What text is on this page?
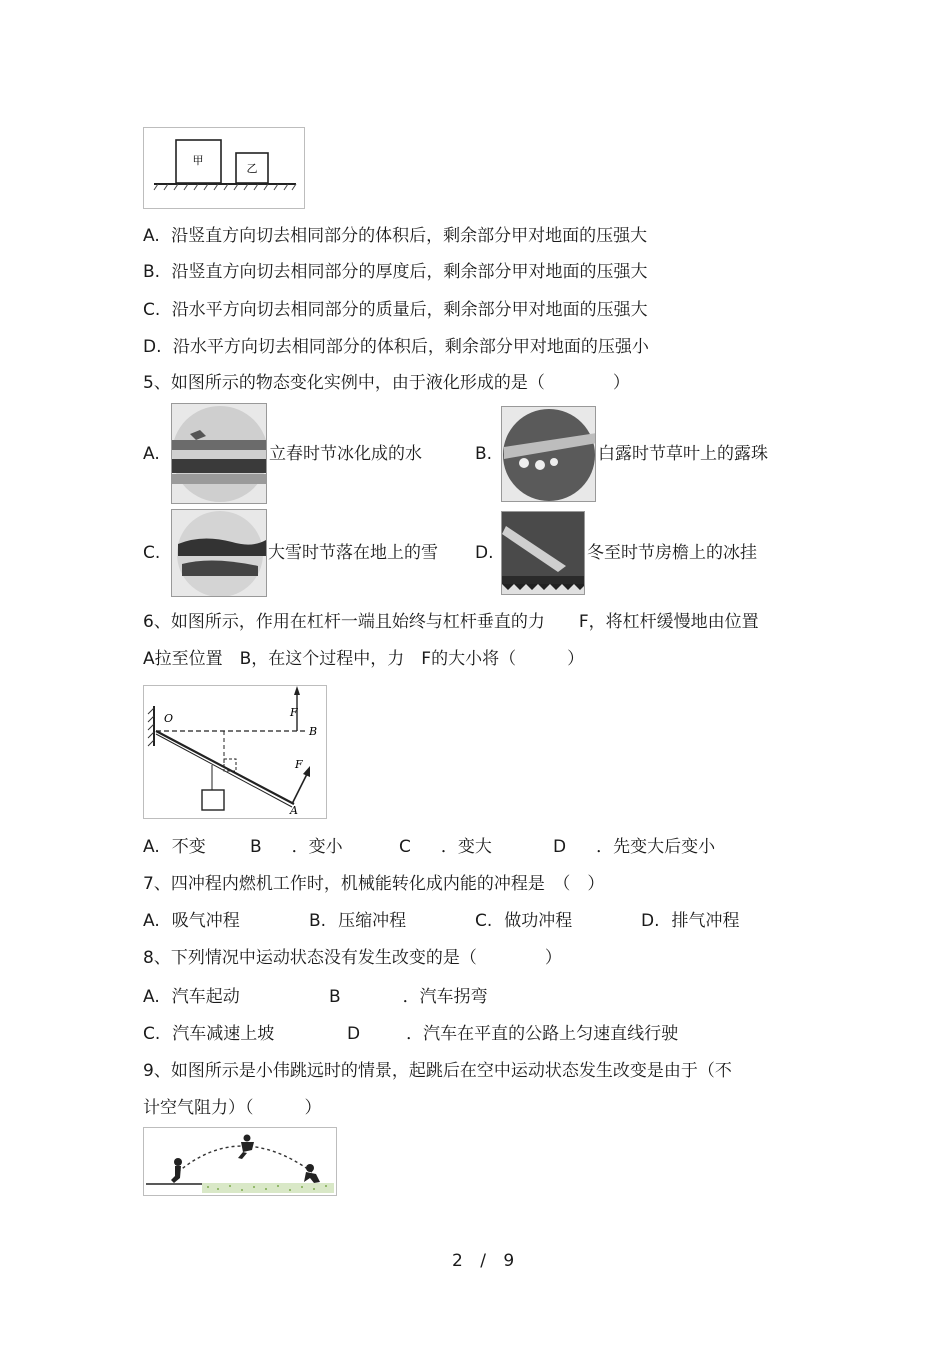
甲
乙
A. 沿竖直方向切去相同部分的体积后，剩余部分甲对地面的压强大
B. 沿竖直方向切去相同部分的厚度后，剩余部分甲对地面的压强大
C. 沿水平方向切去相同部分的质量后，剩余部分甲对地面的压强大
D. 沿水平方向切去相同部分的体积后，剩余部分甲对地面的压强小
5、如图所示的物态变化实例中，由于液化形成的是（　　　　）
A.	立春时节冰化成的水	B.	白露时节草叶上的露珠
C.	大雪时节落在地上的雪 D.	冬至时节房檐上的冰挂
6、如图所示，作用在杠杆一端且始终与杠杆垂直的力　　F，将杠杆缓慢地由位置
A拉至位置　B，在这个过程中，力　F的大小将（　　　）
O
B
F
F
A
A. 不变	B ．变小	C ．变大	D ．先变大后变小
7、四冲程内燃机工作时，机械能转化成内能的冲程是　（　）
A. 吸气冲程	B. 压缩冲程	C. 做功冲程	D. 排气冲程
8、下列情况中运动状态没有发生改变的是（　　　　）
A. 汽车起动	B	．汽车拐弯
C. 汽车减速上坡	D	．汽车在平直的公路上匀速直线行驶
9、如图所示是小伟跳远时的情景，起跳后在空中运动状态发生改变是由于（不
计空气阻力）（　　　）
2 / 9
